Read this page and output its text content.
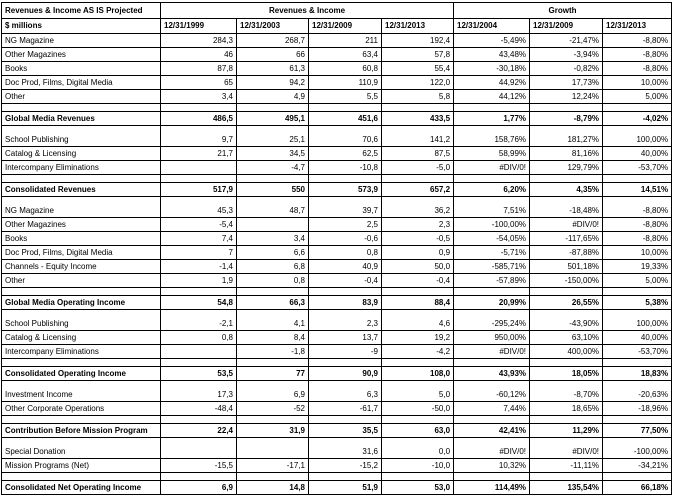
Revenues & Income AS IS Projected	Revenues & Income				Growth		
$ millions	12/31/1999	12/31/2003	12/31/2009	12/31/2013	12/31/2004	12/31/2009	12/31/2013
NG Magazine	284,3	268,7	211	192,4	-5,49%	-21,47%	-8,80%
Other Magazines	46	66	63,4	57,8	43,48%	-3,94%	-8,80%
Books	87,8	61,3	60,8	55,4	-30,18%	-0,82%	-8,80%
Doc Prod, Films, Digital Media	65	94,2	110,9	122,0	44,92%	17,73%	10,00%
Other	3,4	4,9	5,5	5,8	44,12%	12,24%	5,00%

Global Media Revenues	486,5	495,1	451,6	433,5	1,77%	-8,79%	-4,02%

School Publishing	9,7	25,1	70,6	141,2	158,76%	181,27%	100,00%
Catalog & Licensing	21,7	34,5	62,5	87,5	58,99%	81,16%	40,00%
Intercompany Eliminations		-4,7	-10,8	-5,0	#DIV/0!	129,79%	-53,70%

Consolidated Revenues	517,9	550	573,9	657,2	6,20%	4,35%	14,51%

NG Magazine	45,3	48,7	39,7	36,2	7,51%	-18,48%	-8,80%
Other Magazines	-5,4		2,5	2,3	-100,00%	#DIV/0!	-8,80%
Books	7,4	3,4	-0,6	-0,5	-54,05%	-117,65%	-8,80%
Doc Prod, Films, Digital Media	7	6,6	0,8	0,9	-5,71%	-87,88%	10,00%
Channels - Equity Income	-1,4	6,8	40,9	50,0	-585,71%	501,18%	19,33%
Other	1,9	0,8	-0,4	-0,4	-57,89%	-150,00%	5,00%

Global Media Operating Income	54,8	66,3	83,9	88,4	20,99%	26,55%	5,38%

School Publishing	-2,1	4,1	2,3	4,6	-295,24%	-43,90%	100,00%
Catalog & Licensing	0,8	8,4	13,7	19,2	950,00%	63,10%	40,00%
Intercompany Eliminations		-1,8	-9	-4,2	#DIV/0!	400,00%	-53,70%

Consolidated Operating Income	53,5	77	90,9	108,0	43,93%	18,05%	18,83%

Investment Income	17,3	6,9	6,3	5,0	-60,12%	-8,70%	-20,63%
Other Corporate Operations	-48,4	-52	-61,7	-50,0	7,44%	18,65%	-18,96%

Contribution Before Mission Program	22,4	31,9	35,5	63,0	42,41%	11,29%	77,50%

Special Donation			31,6	0,0	#DIV/0!	#DIV/0!	-100,00%
Mission Programs (Net)	-15,5	-17,1	-15,2	-10,0	10,32%	-11,11%	-34,21%

Consolidated Net Operating Income	6,9	14,8	51,9	53,0	114,49%	135,54%	66,18%
